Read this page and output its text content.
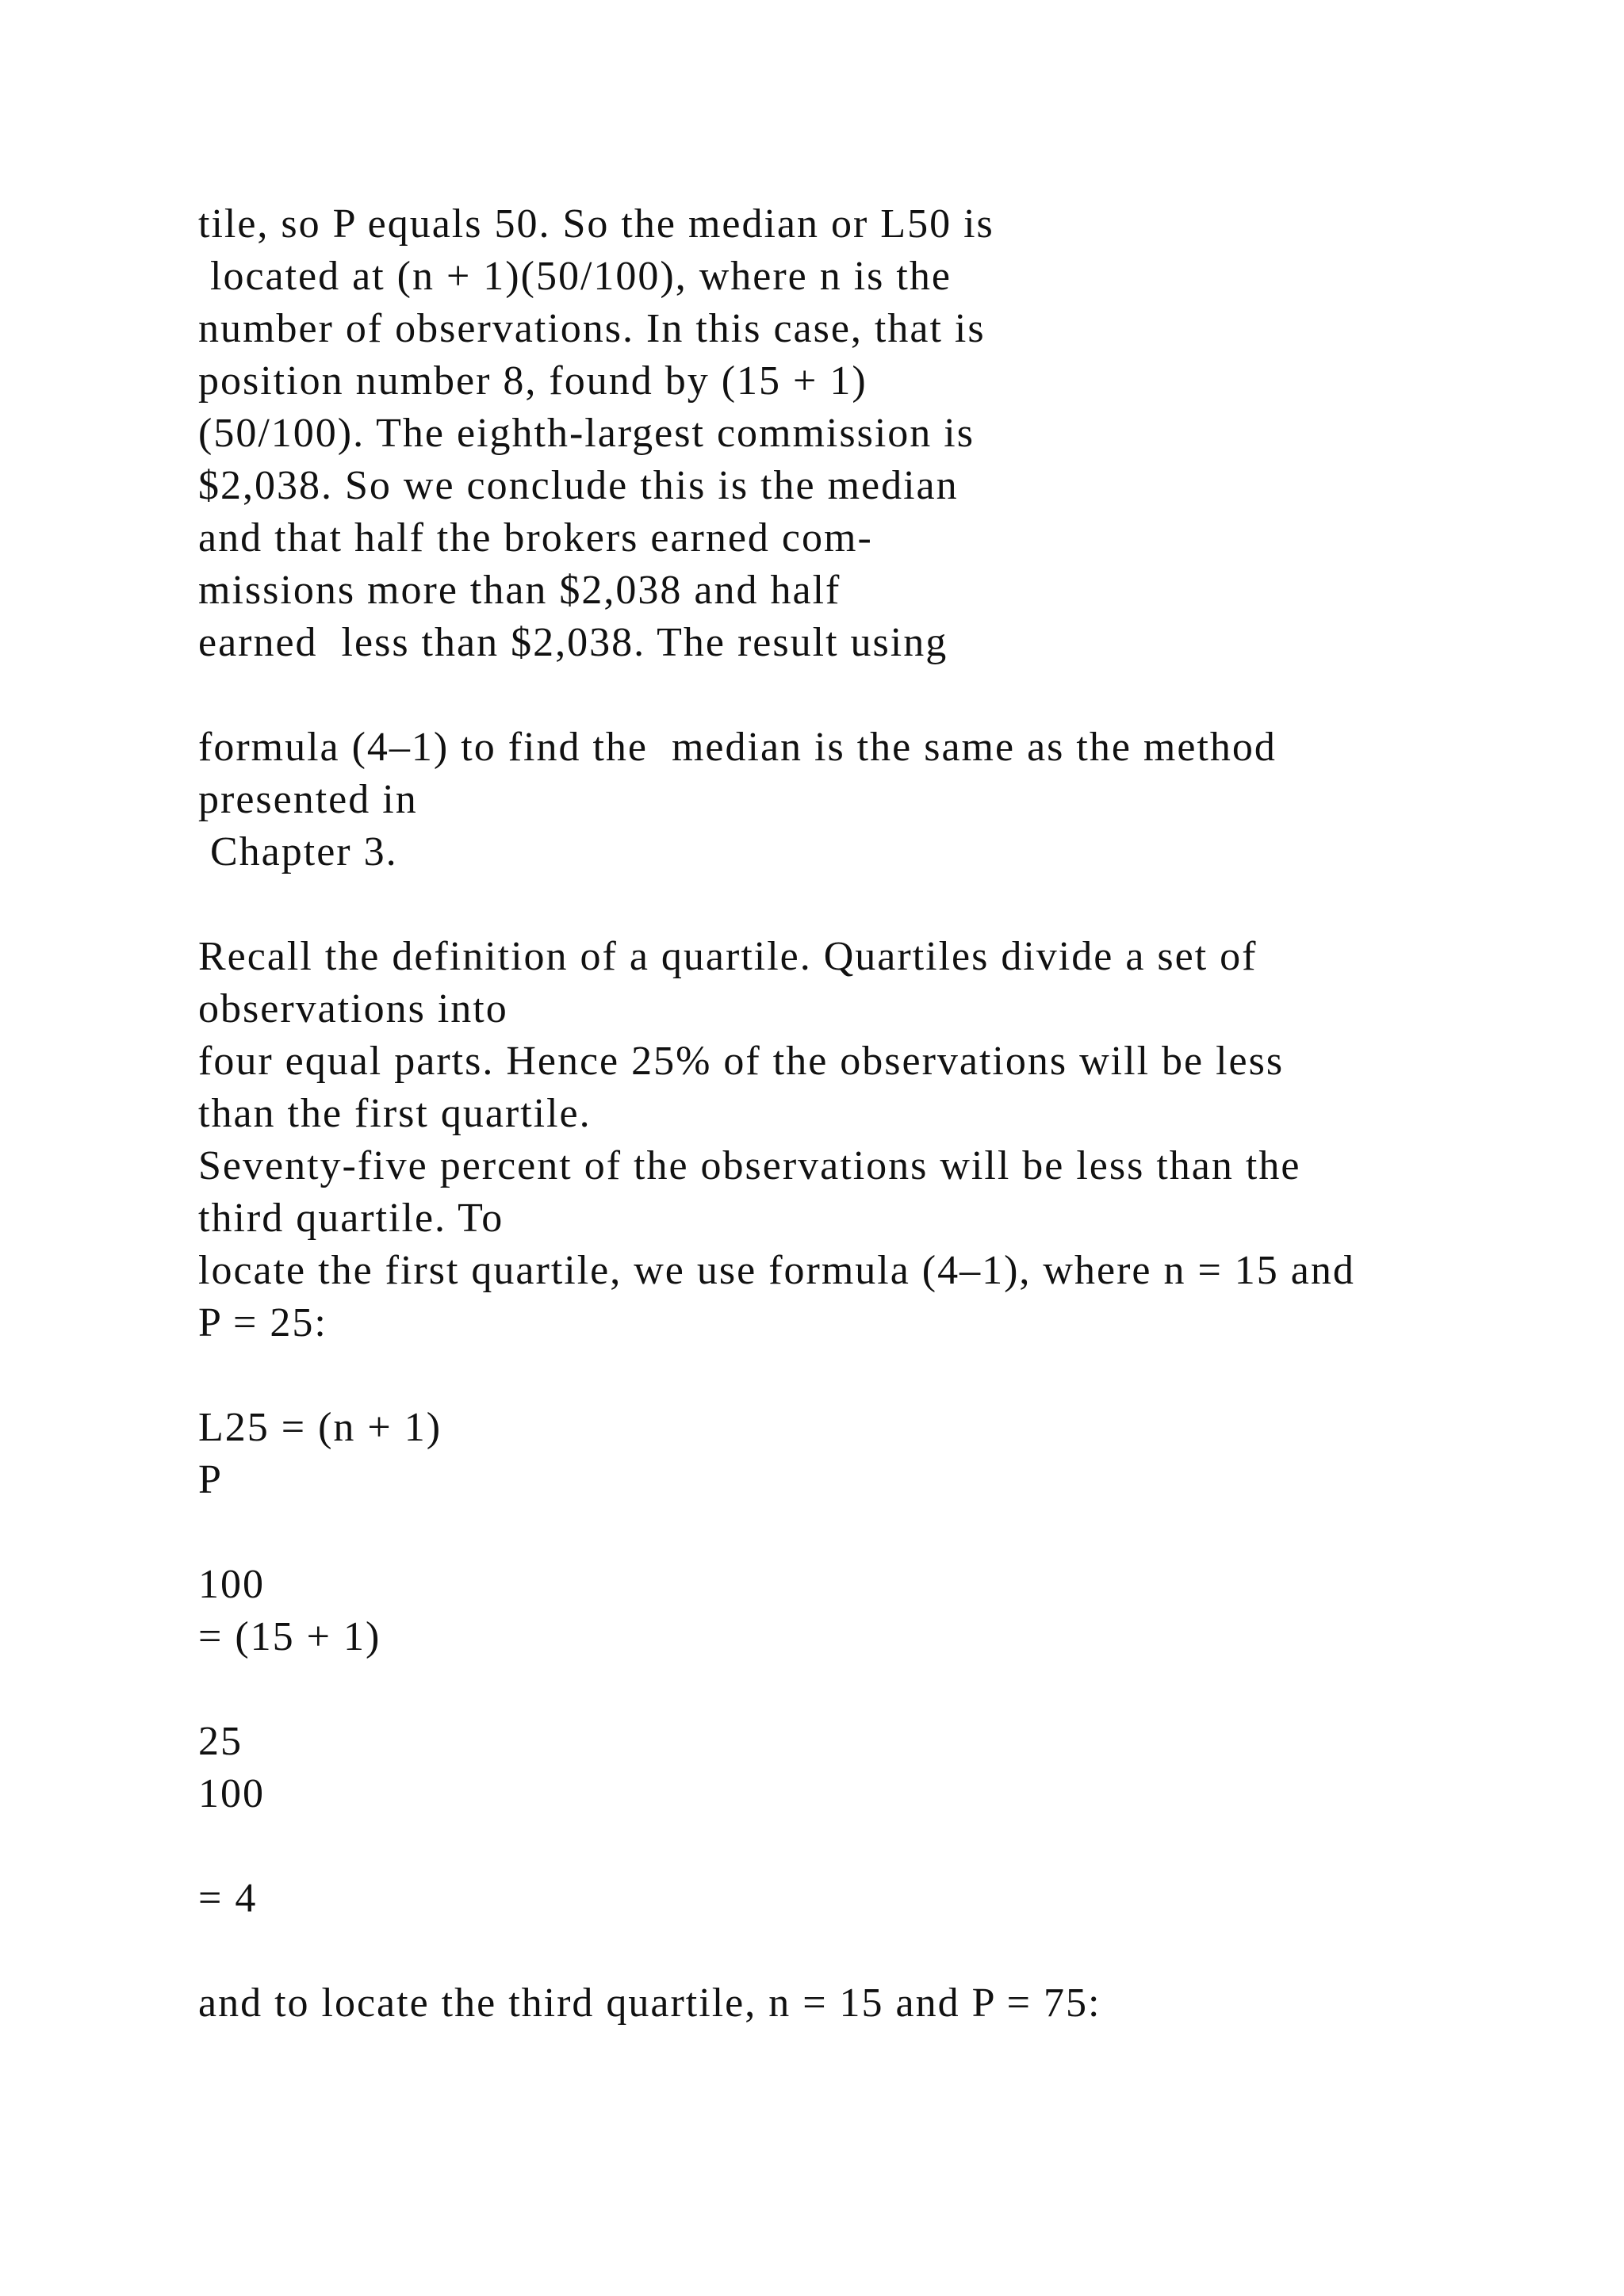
tile, so P equals 50. So the median or L50 is

located at (n + 1)(50/100), where n is the

number of observations. In this case, that is

position number 8, found by (15 + 1)

(50/100). The eighth-largest commission is

$2,038. So we conclude this is the median

and that half the brokers earned com-

missions more than $2,038 and half

earned  less than $2,038. The result using

formula (4–1) to find the  median is the same as the method

presented in

Chapter 3.

Recall the definition of a quartile. Quartiles divide a set of

observations into

four equal parts. Hence 25% of the observations will be less

than the first quartile.

Seventy-five percent of the observations will be less than the

third quartile. To

locate the first quartile, we use formula (4–1), where n = 15 and

P = 25:

L25 = (n + 1)

P

100

= (15 + 1)

25

100

= 4

and to locate the third quartile, n = 15 and P = 75:
